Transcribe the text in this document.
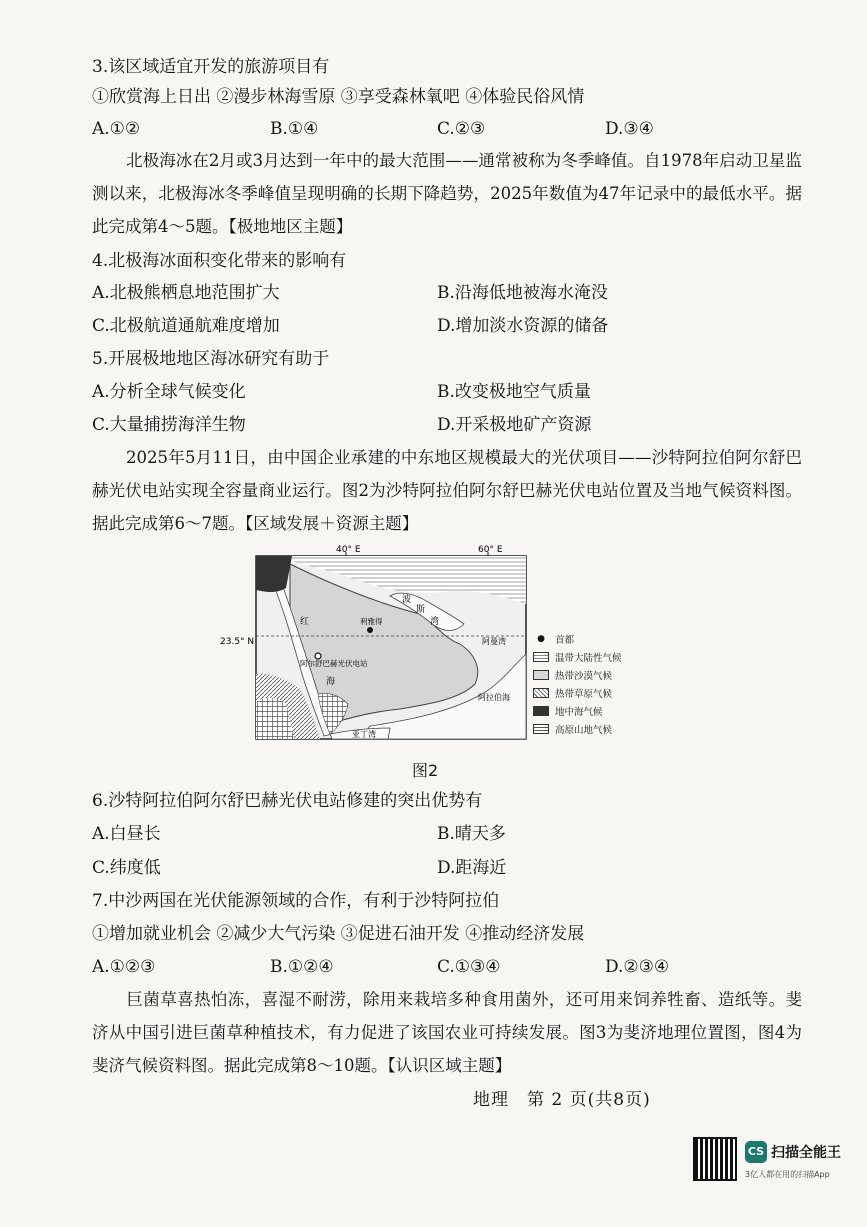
3.该区域适宜开发的旅游项目有
①欣赏海上日出 ②漫步林海雪原 ③享受森林氧吧 ④体验民俗风情
A.①②	B.①④	C.②③	D.③④
北极海冰在2月或3月达到一年中的最大范围——通常被称为冬季峰值。自1978年启动卫星监测以来，北极海冰冬季峰值呈现明确的长期下降趋势，2025年数值为47年记录中的最低水平。据此完成第4～5题。【极地地区主题】
4.北极海冰面积变化带来的影响有
A.北极熊栖息地范围扩大	B.沿海低地被海水淹没
C.北极航道通航难度增加	D.增加淡水资源的储备
5.开展极地地区海冰研究有助于
A.分析全球气候变化	B.改变极地空气质量
C.大量捕捞海洋生物	D.开采极地矿产资源
2025年5月11日，由中国企业承建的中东地区规模最大的光伏项目——沙特阿拉伯阿尔舒巴赫光伏电站实现全容量商业运行。图2为沙特阿拉伯阿尔舒巴赫光伏电站位置及当地气候资料图。据此完成第6～7题。【区域发展＋资源主题】
40° E	60° E
23.5° N
红
海
利雅得
阿尔舒巴赫光伏电站
波
斯
湾
阿曼湾
阿拉伯海
亚丁湾
●	首都
温带大陆性气候
热带沙漠气候
热带草原气候
地中海气候
高原山地气候
图2
6.沙特阿拉伯阿尔舒巴赫光伏电站修建的突出优势有
A.白昼长	B.晴天多
C.纬度低	D.距海近
7.中沙两国在光伏能源领域的合作，有利于沙特阿拉伯
①增加就业机会 ②减少大气污染 ③促进石油开发 ④推动经济发展
A.①②③	B.①②④	C.①③④	D.②③④
巨菌草喜热怕冻，喜湿不耐涝，除用来栽培多种食用菌外，还可用来饲养牲畜、造纸等。斐济从中国引进巨菌草种植技术，有力促进了该国农业可持续发展。图3为斐济地理位置图，图4为斐济气候资料图。据此完成第8～10题。【认识区域主题】
地理　第 2 页(共8页)
CS 扫描全能王
3亿人都在用的扫描App
